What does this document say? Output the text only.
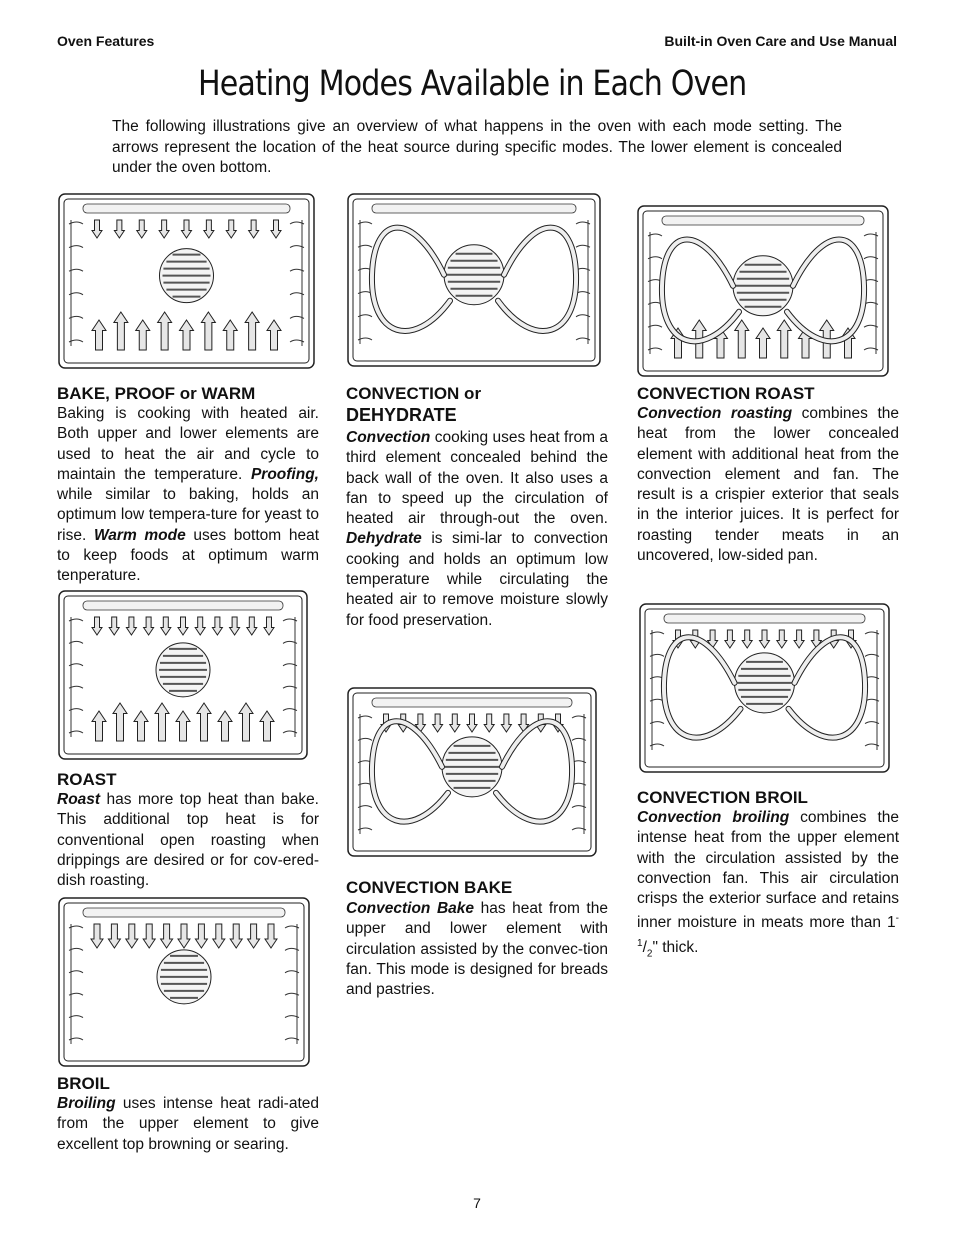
Oven Features	Built-in Oven Care and Use Manual
Heating Modes Available in Each Oven
The following illustrations give an overview of what happens in the oven with each mode setting. The arrows represent the location of the heat source during specific modes. The lower element is concealed under the oven bottom.
BAKE, PROOF or WARM
Baking is cooking with heated air. Both upper and lower elements are used to heat the air and cycle to maintain the temperature. Proofing, while similar to baking, holds an optimum low tempera-ture for yeast to rise. Warm mode uses bottom heat to keep foods at optimum warm tenperature.
ROAST
Roast has more top heat than bake. This additional top heat is for conventional open roasting when drippings are desired or for cov-ered-dish roasting.
BROIL
Broiling uses intense heat radi-ated from the upper element to give excellent top browning or searing.
CONVECTION or
DEHYDRATE
Convection cooking uses heat from a third element concealed behind the back wall of the oven. It also uses a fan to speed up the circulation of heated air through-out the oven. Dehydrate is simi-lar to convection cooking and holds an optimum low temperature while circulating the heated air to remove moisture slowly for food preservation.
CONVECTION BAKE
Convection Bake has heat from the upper and lower element with circulation assisted by the convec-tion fan. This mode is designed for breads and pastries.
CONVECTION ROAST
Convection roasting combines the heat from the lower concealed element with additional heat from the convection element and fan. The result is a crispier exterior that seals in the interior juices. It is perfect for roasting tender meats in an uncovered, low-sided pan.
CONVECTION BROIL
Convection broiling combines the intense heat from the upper element with the circulation assisted by the convection fan. This air circulation crisps the exterior surface and retains inner moisture in meats more than $1^{-1}/_2$" thick.
7
